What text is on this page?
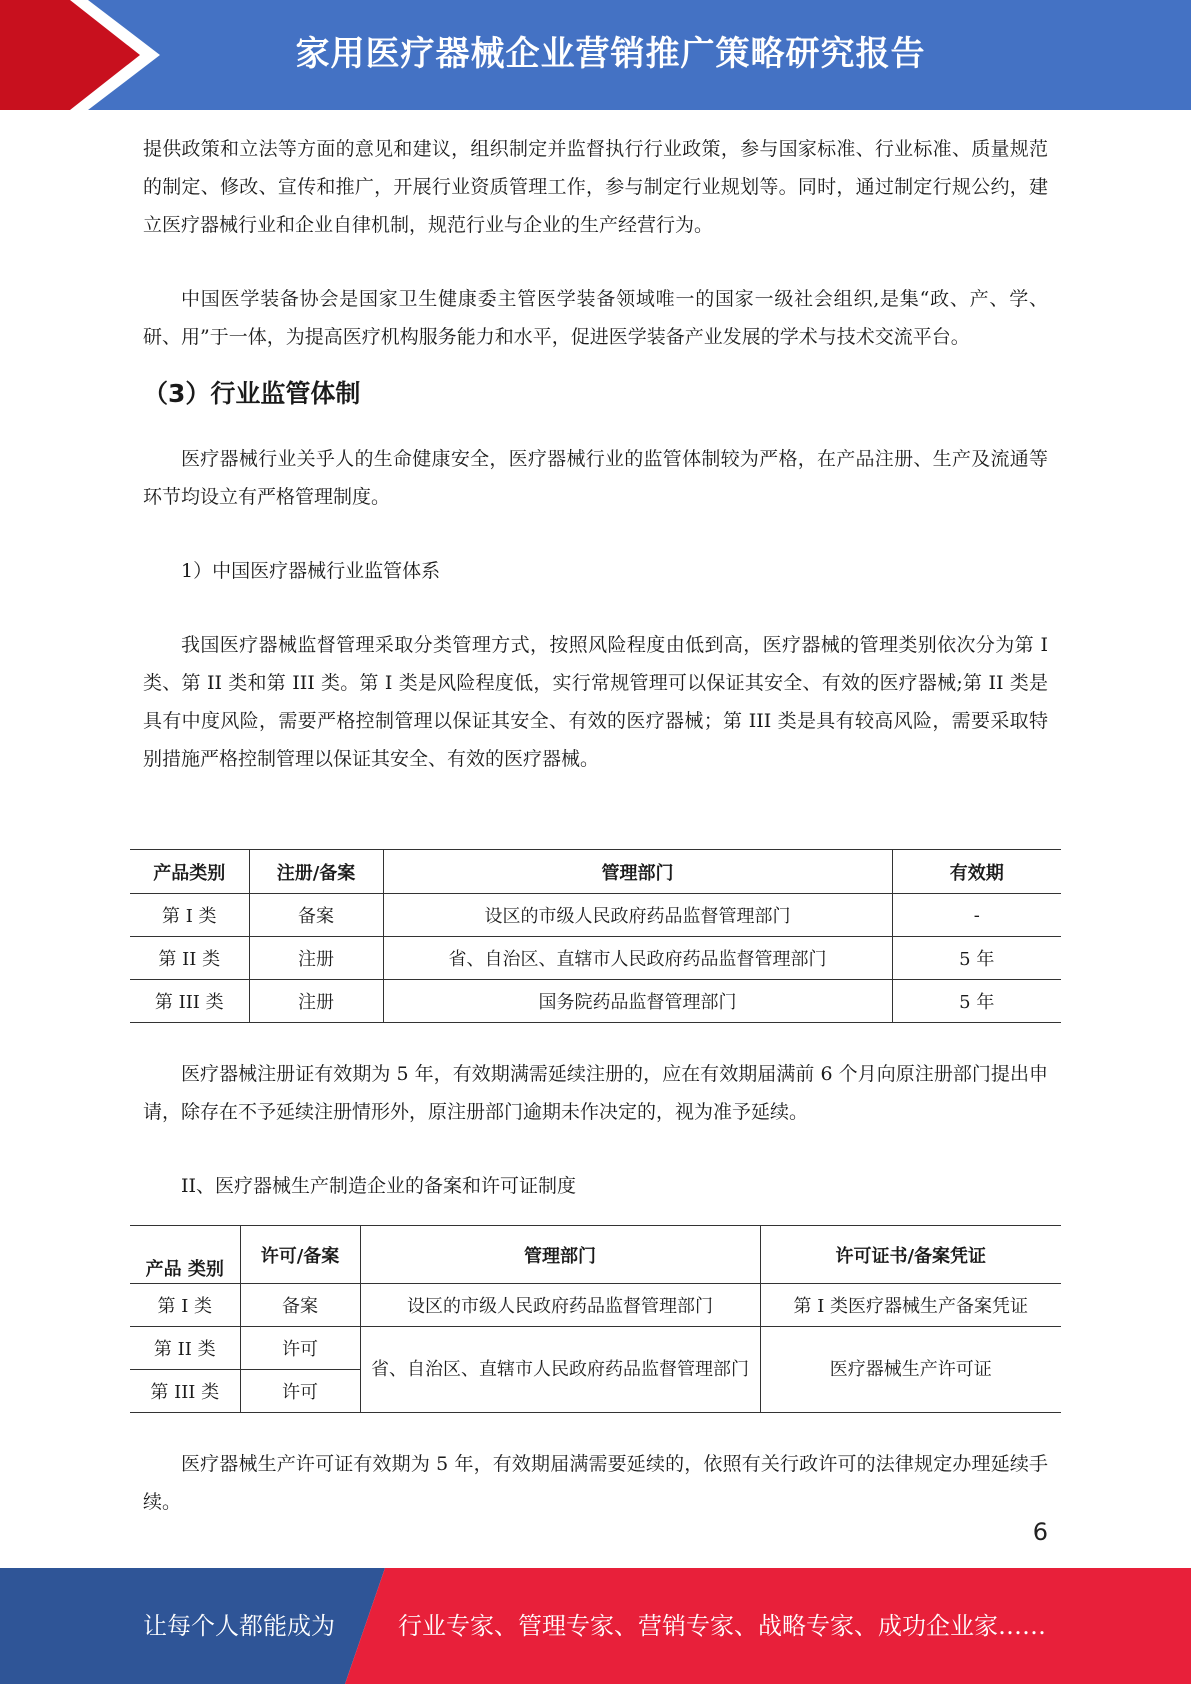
家用医疗器械企业营销推广策略研究报告

提供政策和立法等方面的意见和建议，组织制定并监督执行行业政策，参与国家标准、行业标准、质量规范的制定、修改、宣传和推广，开展行业资质管理工作，参与制定行业规划等。同时，通过制定行规公约，建立医疗器械行业和企业自律机制，规范行业与企业的生产经营行为。

中国医学装备协会是国家卫生健康委主管医学装备领域唯一的国家一级社会组织,是集“政、产、学、研、用”于一体，为提高医疗机构服务能力和水平，促进医学装备产业发展的学术与技术交流平台。

（3）行业监管体制

医疗器械行业关乎人的生命健康安全，医疗器械行业的监管体制较为严格，在产品注册、生产及流通等环节均设立有严格管理制度。

1）中国医疗器械行业监管体系

我国医疗器械监督管理采取分类管理方式，按照风险程度由低到高，医疗器械的管理类别依次分为第 I 类、第 II 类和第 III 类。第 I 类是风险程度低，实行常规管理可以保证其安全、有效的医疗器械;第 II 类是具有中度风险，需要严格控制管理以保证其安全、有效的医疗器械；第 III 类是具有较高风险，需要采取特别措施严格控制管理以保证其安全、有效的医疗器械。

产品类别	注册/备案	管理部门	有效期
第 I 类	备案	设区的市级人民政府药品监督管理部门	-
第 II 类	注册	省、自治区、直辖市人民政府药品监督管理部门	5 年
第 III 类	注册	国务院药品监督管理部门	5 年

医疗器械注册证有效期为 5 年，有效期满需延续注册的，应在有效期届满前 6 个月向原注册部门提出申请，除存在不予延续注册情形外，原注册部门逾期未作决定的，视为准予延续。

II、医疗器械生产制造企业的备案和许可证制度

产品 类别	许可/备案	管理部门	许可证书/备案凭证
第 I 类	备案	设区的市级人民政府药品监督管理部门	第 I 类医疗器械生产备案凭证
第 II 类	许可	省、自治区、直辖市人民政府药品监督管理部门	医疗器械生产许可证
第 III 类	许可		

医疗器械生产许可证有效期为 5 年，有效期届满需要延续的，依照有关行政许可的法律规定办理延续手续。

6
让每个人都能成为	行业专家、管理专家、营销专家、战略专家、成功企业家……
